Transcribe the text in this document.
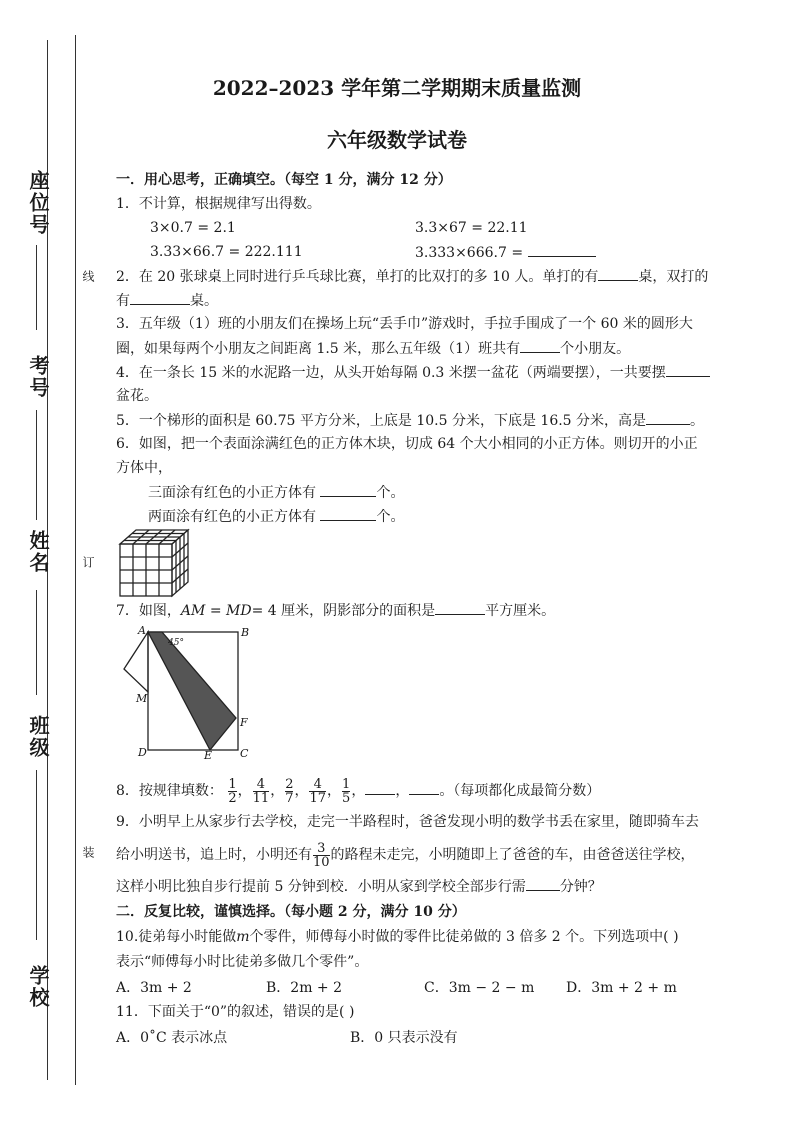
座位号
考号
姓名
班级
学校
线
订
装
2022–2023 学年第二学期期末质量监测
六年级数学试卷
一．用心思考，正确填空。（每空 1 分，满分 12 分）
1．不计算，根据规律写出得数。
3×0.7 = 2.1	3.3×67 = 22.11
3.33×66.7 = 222.111	3.333×666.7 =
2．在 20 张球桌上同时进行乒乓球比赛，单打的比双打的多 10 人。单打的有	桌，双打的
有	桌。
3．五年级（1）班的小朋友们在操场上玩“丢手巾”游戏时，手拉手围成了一个 60 米的圆形大
圈，如果每两个小朋友之间距离 1.5 米，那么五年级（1）班共有	个小朋友。
4．在一条长 15 米的水泥路一边，从头开始每隔 0.3 米摆一盆花（两端要摆），一共要摆
盆花。
5．一个梯形的面积是 60.75 平方分米，上底是 10.5 分米，下底是 16.5 分米，高是	。
6．如图，把一个表面涂满红色的正方体木块，切成 64 个大小相同的小正方体。则切开的小正
方体中，
三面涂有红色的小正方体有	个。
两面涂有红色的小正方体有	个。
7．如图，AM = MD= 4 厘米，阴影部分的面积是	平方厘米。
A
45°
B
M
F
D	E	C
8．按规律填数： $\frac{1}{2}$ ， $\frac{4}{11}$ ， $\frac{2}{7}$ ， $\frac{4}{17}$ ， $\frac{1}{5}$ ， ， 。（每项都化成最简分数）
9．小明早上从家步行去学校，走完一半路程时，爸爸发现小明的数学书丢在家里，随即骑车去
给小明送书，追上时，小明还有 $\frac{3}{10}$ 的路程未走完，小明随即上了爸爸的车，由爸爸送往学校，
这样小明比独自步行提前 5 分钟到校．小明从家到学校全部步行需 分钟？
二．反复比较，谨慎选择。（每小题 2 分，满分 10 分）
10.徒弟每小时能做m个零件，师傅每小时做的零件比徒弟做的 3 倍多 2 个。下列选项中( )
表示“师傅每小时比徒弟多做几个零件”。
A．3m + 2	B．2m + 2	C．3m − 2 − m D．3m + 2 + m
11．下面关于“0”的叙述，错误的是( )
A．0˚C 表示冰点	B．0 只表示没有
